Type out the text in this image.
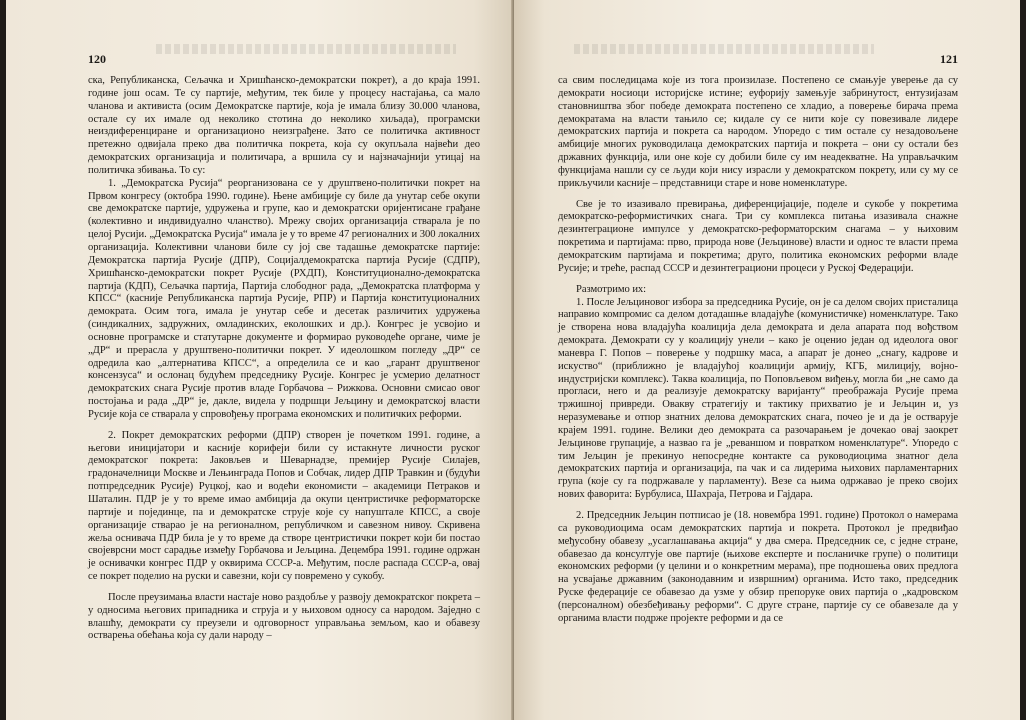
120

ска, Републиканска, Сељачка и Хришћанско-демократски покрет), а до краја 1991. године још осам. Те су партије, међутим, тек биле у процесу настајања, са мало чланова и активиста (осим Демократске партије, која је имала близу 30.000 чланова, остале су их имале од неколико стотина до неколико хиљада), програмски неиздиференциране и организационо неизграђене. Зато се политичка активност претежно одвијала преко два политичка покрета, која су окупљала највећи део демократских организација и политичара, а вршила су и најзначајнији утицај на политичка збивања. То су:

1. „Демократска Русија“ реорганизована се у друштвено-политички покрет на Првом конгресу (октобра 1990. године). Њене амбиције су биле да унутар себе окупи све демократске партије, удружења и групе, као и демократски оријентисане грађане (колективно и индивидуално чланство). Мрежу својих организација стварала је по целој Русији. „Демократска Русија“ имала је у то време 47 регионалних и 300 локалних организација. Колективни чланови биле су јој све тадашње демократске партије: Демократска партија Русије (ДПР), Социјалдемократска партија Русије (СДПР), Хришћанско-демократски покрет Русије (РХДП), Конституционално-демократска партија (КДП), Сељачка партија, Партија слободног рада, „Демократска платформа у КПСС“ (касније Републиканска партија Русије, РПР) и Партија конституционалних демократа. Осим тога, имала је унутар себе и десетак различитих удружења (синдикалних, задружних, омладинских, еколошких и др.). Конгрес је усвојио и основне програмске и статутарне документе и формирао руководеће органе, чиме је „ДР“ и прерасла у друштвено-политички покрет. У идеолошком погледу „ДР“ се одредила као „алтернатива КПСС“, а определила се и као „гарант друштвеног консензуса“ и ослонац будућем председнику Русије. Конгрес је усмерио делатност демократских снага Русије против владе Горбачова – Рижкова. Основни смисао овог постојања и рада „ДР“ је, дакле, видела у подршци Јељцину и демократској власти Русије која се стварала у спровођењу програма економских и политичких реформи.

2. Покрет демократских реформи (ДПР) створен је почетком 1991. године, а његови иницијатори и касније корифеји били су истакнуте личности руског демократског покрета: Јаковљев и Шеварнадзе, премијер Русије Силајев, градоначелници Москве и Лењинграда Попов и Собчак, лидер ДПР Травкин и (будући потпредседник Русије) Руцкој, као и водећи економисти – академици Петраков и Шаталин. ПДР је у то време имао амбиција да окупи центристичке реформаторске партије и појединце, па и демократске струје које су напуштале КПСС, а своје организације стварао је на регионалном, републичком и савезном нивоу. Скривена жеља оснивача ПДР била је у то време да створе центристички покрет који би постао својеврсни мост сарадње између Горбачова и Јељцина. Децембра 1991. године одржан је оснивачки конгрес ПДР у оквирима СССР-а. Међутим, после распада СССР-а, овај се покрет поделио на руски и савезни, који су повремено у сукобу.

После преузимања власти настаје ново раздобље у развоју демократског покрета – у односима његових припадника и струја и у њиховом односу са народом. Заједно с влашћу, демократи су преузели и одговорност управљања земљом, као и обавезу остварења обећања која су дали народу –

121

са свим последицама које из тога произилазе. Постепено се смањује уверење да су демократи носиоци историјске истине; еуфорију замењује забринутост, ентузијазам становништва због победе демократа постепено се хладио, а поверење бирача према демократама на власти тањило се; кидале су се нити које су повезивале лидере демократских партија и покрета са народом. Упоредо с тим остале су незадовољене амбиције многих руководилаца демократских партија и покрета – они су остали без државних функција, или оне које су добили биле су им неадекватне. На управљачким функцијама нашли су се људи који нису израсли у демократском покрету, или су му се прикључили касније – представници старе и нове номенклатуре.

Све је то изазивало превирања, диференцијације, поделе и сукобе у покретима демократско-реформистичких снага. Три су комплекса питања изазивала снажне дезинтеграционе импулсе у демократско-реформаторским снагама – у њиховим покретима и партијама: прво, природа нове (Јељцинове) власти и однос те власти према демократским партијама и покретима; друго, политика економских реформи владе Русије; и треће, распад СССР и дезинтеграциони процеси у Руској Федерацији.

Размотримо их:

1. После Јељциновог избора за председника Русије, он је са делом својих присталица направио компромис са делом дотадашње владајуће (комунистичке) номенклатуре. Тако је створена нова владајућа коалиција дела демократа и дела апарата под вођством демократа. Демократи су у коалицију унели – како је оценио један од идеолога овог маневра Г. Попов – поверење у подршку маса, а апарат је донео „снагу, кадрове и искуство“ (приближно је владајућој коалицији армију, КГБ, милицију, војно-индустријски комплекс). Таква коалиција, по Поповљевом виђењу, могла би „не само да прогласи, него и да реализује демократску варијанту“ преображаја Русије према тржишној привреди. Овакву стратегију и тактику прихватио је и Јељцин и, уз неразумевање и отпор знатних делова демократских снага, почео је и да је остварује крајем 1991. године. Велики део демократа са разочарањем је дочекао овај заокрет Јељциновe групације, а назвао га је „реваншом и повратком номенклатуре“. Упоредо с тим Јељцин је прекинуо непосредне контакте са руководиоцима знатног дела демократских партија и организација, па чак и са лидерима њихових парламентарних група (које су га подржавале у парламенту). Везе са њима одржавао је преко својих нових фаворита: Бурбулиса, Шахраја, Петрова и Гајдара.

2. Председник Јељцин потписао је (18. новембра 1991. године) Протокол о намерама са руководиоцима осам демократских партија и покрета. Протокол је предвиђао међусобну обавезу „усаглашавања акција“ у два смера. Председник се, с једне стране, обавезао да консултује ове партије (њихове експерте и посланичке групе) о политици економских реформи (у целини и о конкретним мерама), пре подношења ових предлога на усвајање државним (законодавним и извршним) органима. Исто тако, председник Руске федерације се обавезао да узме у обзир препоруке ових партија о „кадровском (персоналном) обезбеђивању реформи“. С друге стране, партије су се обавезале да у органима власти подрже пројекте реформи и да се
